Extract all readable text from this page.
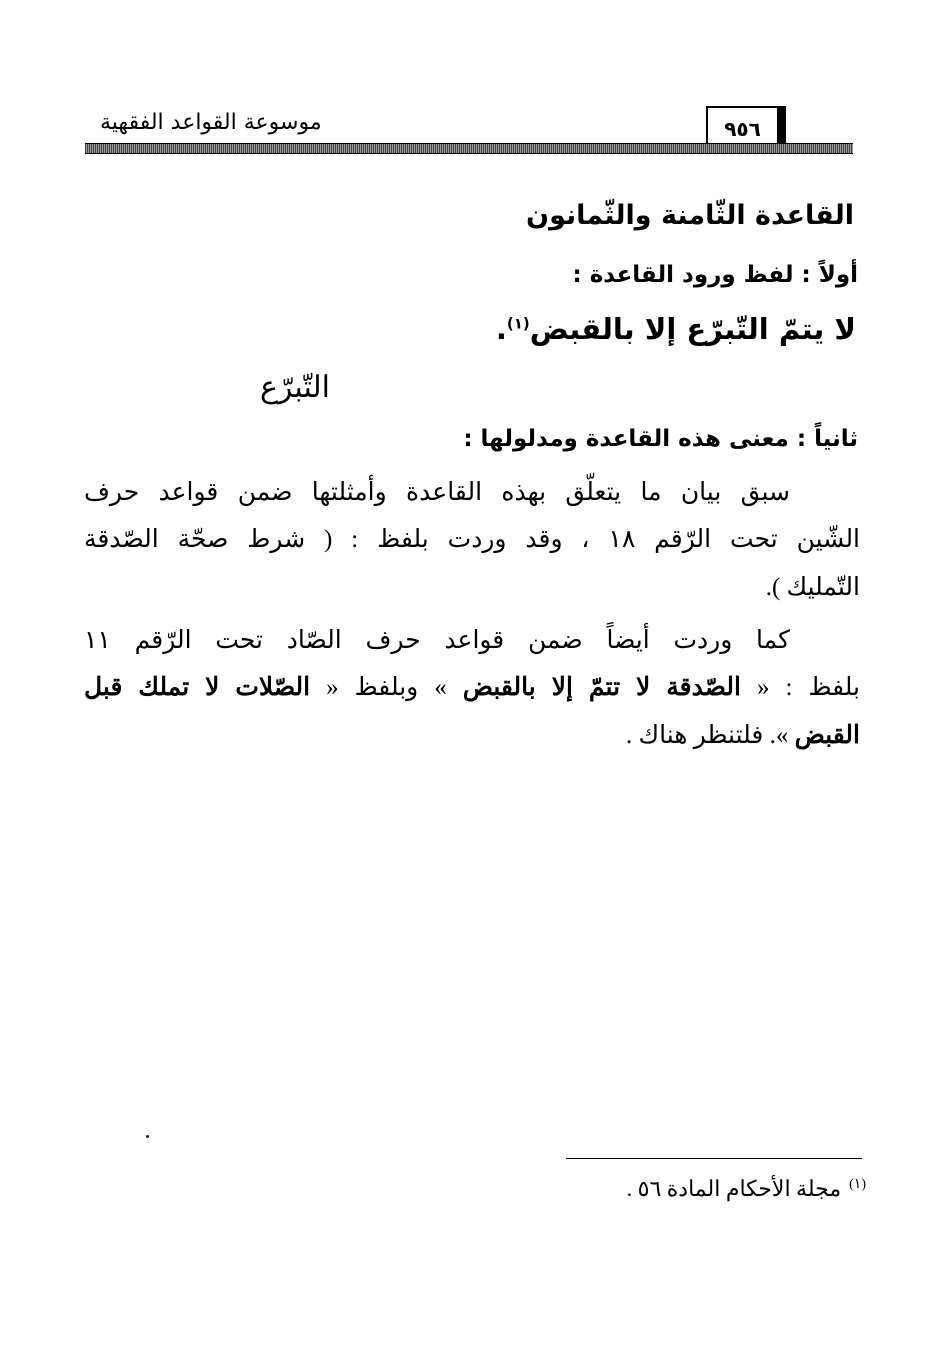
موسوعة القواعد الفقهية	٩٥٦
القاعدة الثّامنة والثّمانون
أولاً : لفظ ورود القاعدة :
لا يتمّ التّبرّع إلا بالقبض$^{(١)}$.
التّبرّع
ثانياً : معنى هذه القاعدة ومدلولها :
سبق بيان ما يتعلّق بهذه القاعدة وأمثلتها ضمن قواعد حرف
الشّين تحت الرّقم ١٨ ، وقد وردت بلفظ : ( شرط صحّة الصّدقة
التّمليك ).
كما وردت أيضاً ضمن قواعد حرف الصّاد تحت الرّقم ١١
بلفظ : « الصّدقة لا تتمّ إلا بالقبض » وبلفظ « الصّلات لا تملك قبل
القبض ». فلتنظر هناك .
$^{(١)}$مجلة الأحكام المادة ٥٦ .
